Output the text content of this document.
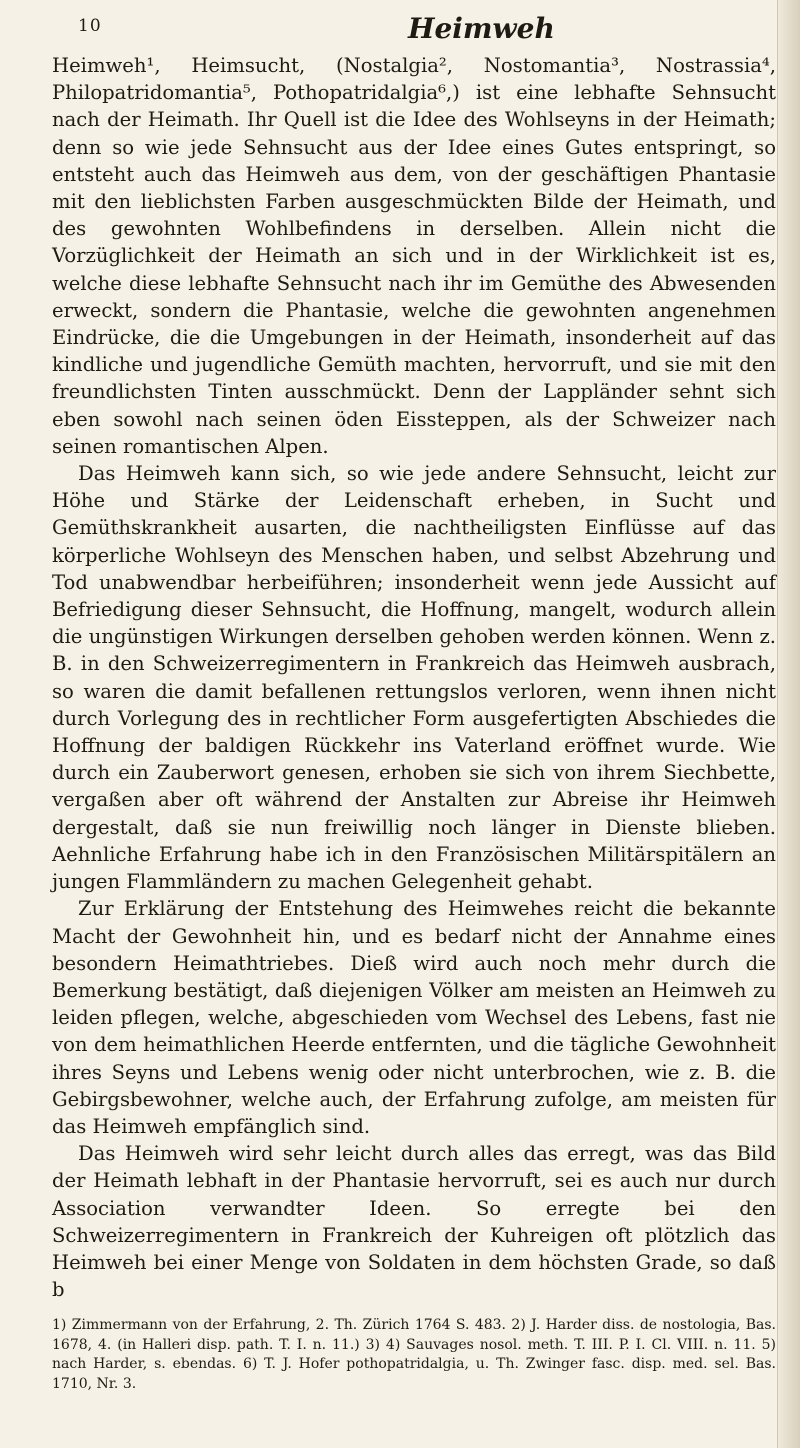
10	Heimweh

Heimweh¹, Heimsucht, (Nostalgia², Nostomantia³, Nostrassia⁴, Philopatridomantia⁵, Pothopatridalgia⁶,) ist eine lebhafte Sehnsucht nach der Heimath. Ihr Quell ist die Idee des Wohlseyns in der Heimath; denn so wie jede Sehnsucht aus der Idee eines Gutes entspringt, so entsteht auch das Heimweh aus dem, von der geschäftigen Phantasie mit den lieblichsten Farben ausgeschmückten Bilde der Heimath, und des gewohnten Wohlbefindens in derselben. Allein nicht die Vorzüglichkeit der Heimath an sich und in der Wirklichkeit ist es, welche diese lebhafte Sehnsucht nach ihr im Gemüthe des Abwesenden erweckt, sondern die Phantasie, welche die gewohnten angenehmen Eindrücke, die die Umgebungen in der Heimath, insonderheit auf das kindliche und jugendliche Gemüth machten, hervorruft, und sie mit den freundlichsten Tinten ausschmückt. Denn der Lappländer sehnt sich eben sowohl nach seinen öden Eissteppen, als der Schweizer nach seinen romantischen Alpen.

Das Heimweh kann sich, so wie jede andere Sehnsucht, leicht zur Höhe und Stärke der Leidenschaft erheben, in Sucht und Gemüthskrankheit ausarten, die nachtheiligsten Einflüsse auf das körperliche Wohlseyn des Menschen haben, und selbst Abzehrung und Tod unabwendbar herbeiführen; insonderheit wenn jede Aussicht auf Befriedigung dieser Sehnsucht, die Hoffnung, mangelt, wodurch allein die ungünstigen Wirkungen derselben gehoben werden können. Wenn z. B. in den Schweizerregimentern in Frankreich das Heimweh ausbrach, so waren die damit befallenen rettungslos verloren, wenn ihnen nicht durch Vorlegung des in rechtlicher Form ausgefertigten Abschiedes die Hoffnung der baldigen Rückkehr ins Vaterland eröffnet wurde. Wie durch ein Zauberwort genesen, erhoben sie sich von ihrem Siechbette, vergaßen aber oft während der Anstalten zur Abreise ihr Heimweh dergestalt, daß sie nun freiwillig noch länger in Dienste blieben. Aehnliche Erfahrung habe ich in den Französischen Militärspitälern an jungen Flammländern zu machen Gelegenheit gehabt.

Zur Erklärung der Entstehung des Heimwehes reicht die bekannte Macht der Gewohnheit hin, und es bedarf nicht der Annahme eines besondern Heimathtriebes. Dieß wird auch noch mehr durch die Bemerkung bestätigt, daß diejenigen Völker am meisten an Heimweh zu leiden pflegen, welche, abgeschieden vom Wechsel des Lebens, fast nie von dem heimathlichen Heerde entfernten, und die tägliche Gewohnheit ihres Seyns und Lebens wenig oder nicht unterbrochen, wie z. B. die Gebirgsbewohner, welche auch, der Erfahrung zufolge, am meisten für das Heimweh empfänglich sind.

Das Heimweh wird sehr leicht durch alles das erregt, was das Bild der Heimath lebhaft in der Phantasie hervorruft, sei es auch nur durch Association verwandter Ideen. So erregte bei den Schweizerregimentern in Frankreich der Kuhreigen oft plötzlich das Heimweh bei einer Menge von Soldaten in dem höchsten Grade, so daß b

1) Zimmermann von der Erfahrung, 2. Th. Zürich 1764 S. 483. 2) J. Harder diss. de nostologia, Bas. 1678, 4. (in Halleri disp. path. T. I. n. 11.) 3) 4) Sauvages nosol. meth. T. III. P. I. Cl. VIII. n. 11. 5) nach Harder, s. ebendas. 6) T. J. Hofer pothopatridalgia, u. Th. Zwinger fasc. disp. med. sel. Bas. 1710, Nr. 3.
